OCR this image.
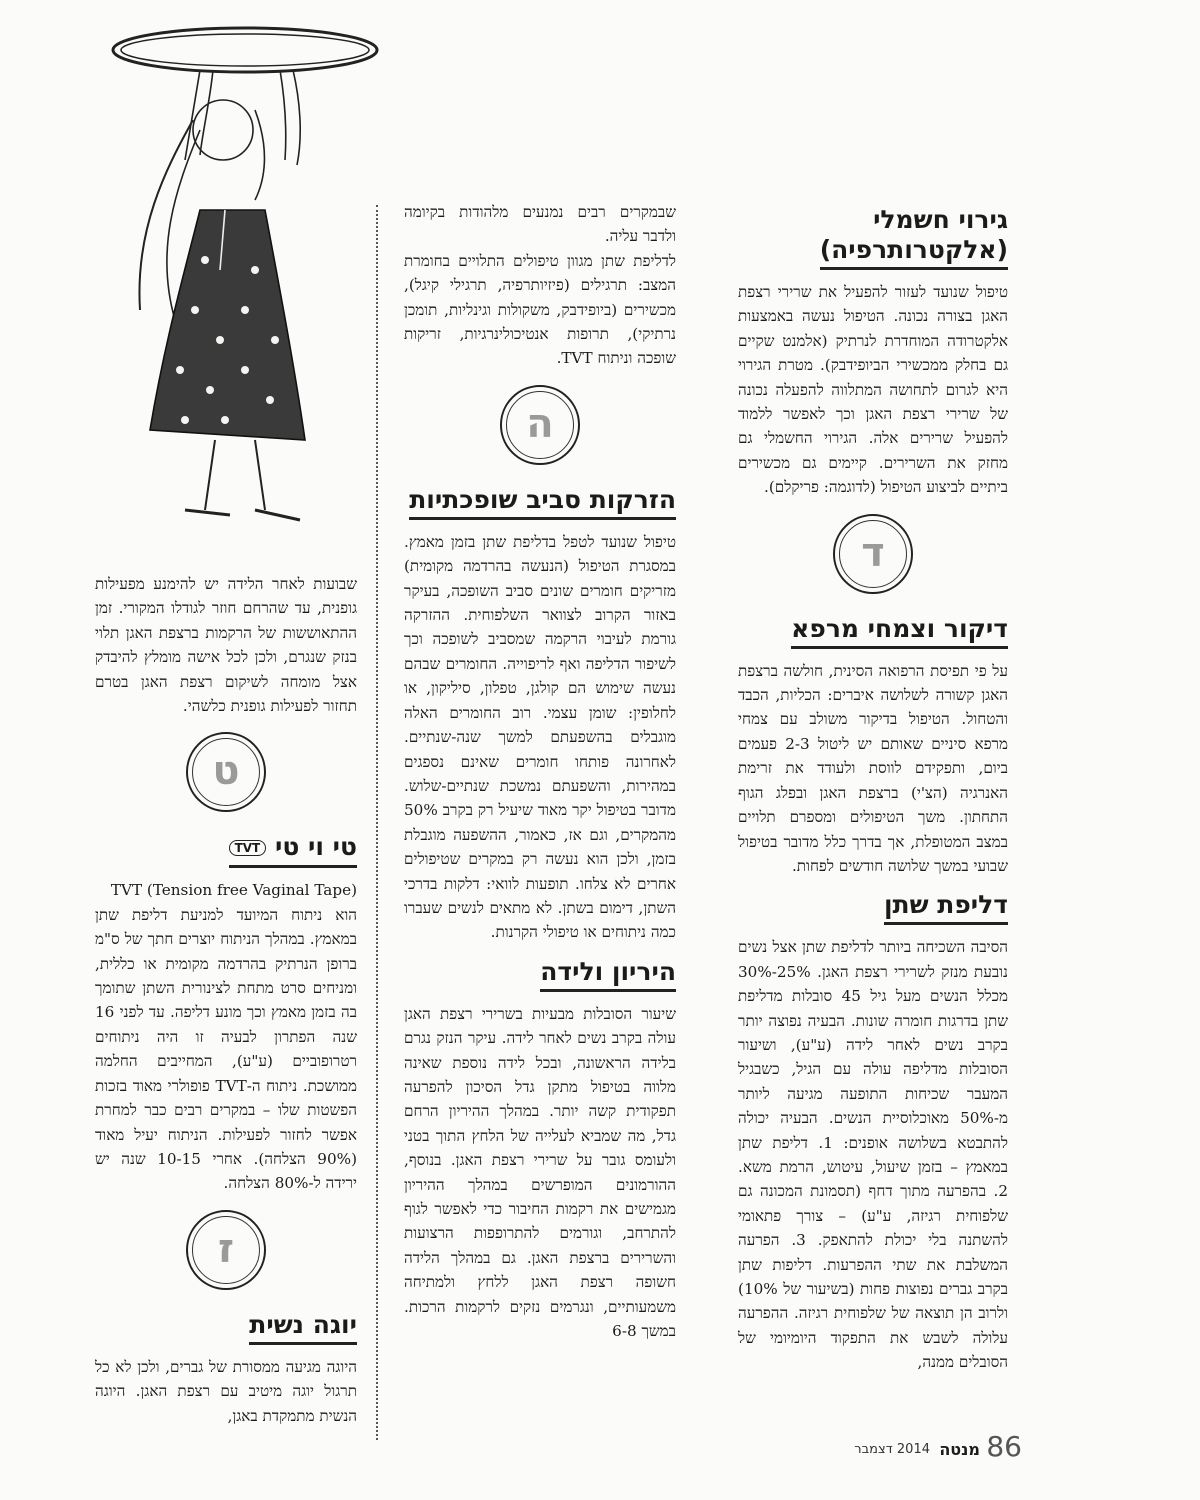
גירוי חשמלי
(אלקטרותרפיה)

טיפול שנועד לעזור להפעיל את שרירי רצפת האגן בצורה נכונה. הטיפול נעשה באמצעות אלקטרודה המוחדרת לנרתיק (אלמנט שקיים גם בחלק ממכשירי הביופידבק). מטרת הגירוי היא לגרום לתחושה המתלווה להפעלה נכונה של שרירי רצפת האגן וכך לאפשר ללמוד להפעיל שרירים אלה. הגירוי החשמלי גם מחזק את השרירים. קיימים גם מכשירים ביתיים לביצוע הטיפול (לדוגמה: פריקלם).

ד
דיקור וצמחי מרפא

על פי תפיסת הרפואה הסינית, חולשה ברצפת האגן קשורה לשלושה איברים: הכליות, הכבד והטחול. הטיפול בדיקור משולב עם צמחי מרפא סיניים שאותם יש ליטול 2-3 פעמים ביום, ותפקידם לווסת ולעודד את זרימת האנרגיה (הצ'י) ברצפת האגן ובפלג הגוף התחתון. משך הטיפולים ומספרם תלויים במצב המטופלת, אך בדרך כלל מדובר בטיפול שבועי במשך שלושה חודשים לפחות.

דליפת שתן

הסיבה השכיחה ביותר לדליפת שתן אצל נשים נובעת מנזק לשרירי רצפת האגן. 25%-30% מכלל הנשים מעל גיל 45 סובלות מדליפת שתן בדרגות חומרה שונות. הבעיה נפוצה יותר בקרב נשים לאחר לידה (ע"ע), ושיעור הסובלות מדליפה עולה עם הגיל, כשבגיל המעבר שכיחות התופעה מגיעה ליותר מ-50% מאוכלוסיית הנשים. הבעיה יכולה להתבטא בשלושה אופנים: 1. דליפת שתן במאמץ – בזמן שיעול, עיטוש, הרמת משא. 2. בהפרעה מתוך דחף (תסמונת המכונה גם שלפוחית רגיזה, ע"ע) – צורך פתאומי להשתנה בלי יכולת להתאפק. 3. הפרעה המשלבת את שתי ההפרעות. דליפות שתן בקרב גברים נפוצות פחות (בשיעור של 10%) ולרוב הן תוצאה של שלפוחית רגיזה. ההפרעה עלולה לשבש את התפקוד היומיומי של הסובלים ממנה,

שבמקרים רבים נמנעים מלהודות בקיומה ולדבר עליה.

לדליפת שתן מגוון טיפולים התלויים בחומרת המצב: תרגילים (פיזיותרפיה, תרגילי קיגל), מכשירים (ביופידבק, משקולות וגינליות, תומכן נרתיקי), תרופות אנטיכולינרגיות, זריקות שופכה וניתוח TVT.

ה
הזרקות סביב שופכתיות

טיפול שנועד לטפל בדליפת שתן בזמן מאמץ. במסגרת הטיפול (הנעשה בהרדמה מקומית) מזריקים חומרים שונים סביב השופכה, בעיקר באזור הקרוב לצוואר השלפוחית. ההזרקה גורמת לעיבוי הרקמה שמסביב לשופכה וכך לשיפור הדליפה ואף לריפוייה. החומרים שבהם נעשה שימוש הם קולגן, טפלון, סיליקון, או לחלופין: שומן עצמי. רוב החומרים האלה מוגבלים בהשפעתם למשך שנה-שנתיים. לאחרונה פותחו חומרים שאינם נספגים במהירות, והשפעתם נמשכת שנתיים-שלוש. מדובר בטיפול יקר מאוד שיעיל רק בקרב 50% מהמקרים, וגם אז, כאמור, ההשפעה מוגבלת בזמן, ולכן הוא נעשה רק במקרים שטיפולים אחרים לא צלחו. תופעות לוואי: דלקות בדרכי השתן, דימום בשתן. לא מתאים לנשים שעברו כמה ניתוחים או טיפולי הקרנות.

היריון ולידה

שיעור הסובלות מבעיות בשרירי רצפת האגן עולה בקרב נשים לאחר לידה. עיקר הנזק נגרם בלידה הראשונה, ובכל לידה נוספת שאינה מלווה בטיפול מתקן גדל הסיכון להפרעה תפקודית קשה יותר. במהלך ההיריון הרחם גדל, מה שמביא לעלייה של הלחץ התוך בטני ולעומס גובר על שרירי רצפת האגן. בנוסף, ההורמונים המופרשים במהלך ההיריון מגמישים את רקמות החיבור כדי לאפשר לגוף להתרחב, וגורמים להתרופפות הרצועות והשרירים ברצפת האגן. גם במהלך הלידה חשופה רצפת האגן ללחץ ולמתיחה משמעותיים, ונגרמים נזקים לרקמות הרכות. במשך 6-8

שבועות לאחר הלידה יש להימנע מפעילות גופנית, עד שהרחם חוזר לגודלו המקורי. זמן ההתאוששות של הרקמות ברצפת האגן תלוי בנזק שנגרם, ולכן לכל אישה מומלץ להיבדק אצל מומחה לשיקום רצפת האגן בטרם תחזור לפעילות גופנית כלשהי.

ט
טי וי טי TVT

TVT (Tension free Vaginal Tape)

הוא ניתוח המיועד למניעת דליפת שתן במאמץ. במהלך הניתוח יוצרים חתך של ס"מ ברופן הנרתיק בהרדמה מקומית או כללית, ומניחים סרט מתחת לצינורית השתן שתומך בה בזמן מאמץ וכך מונע דליפה. עד לפני 16 שנה הפתרון לבעיה זו היה ניתוחים רטרופוביים (ע"ע), המחייבים החלמה ממושכת. ניתוח ה-TVT פופולרי מאוד בזכות הפשטות שלו – במקרים רבים כבר למחרת אפשר לחזור לפעילות. הניתוח יעיל מאוד (90% הצלחה). אחרי 10-15 שנה יש ירידה ל-80% הצלחה.

ז
יוגה נשית

היוגה מגיעה ממסורת של גברים, ולכן לא כל תרגול יוגה מיטיב עם רצפת האגן. היוגה הנשית מתמקדת באגן,

2014 דצמבר מנטה 86
